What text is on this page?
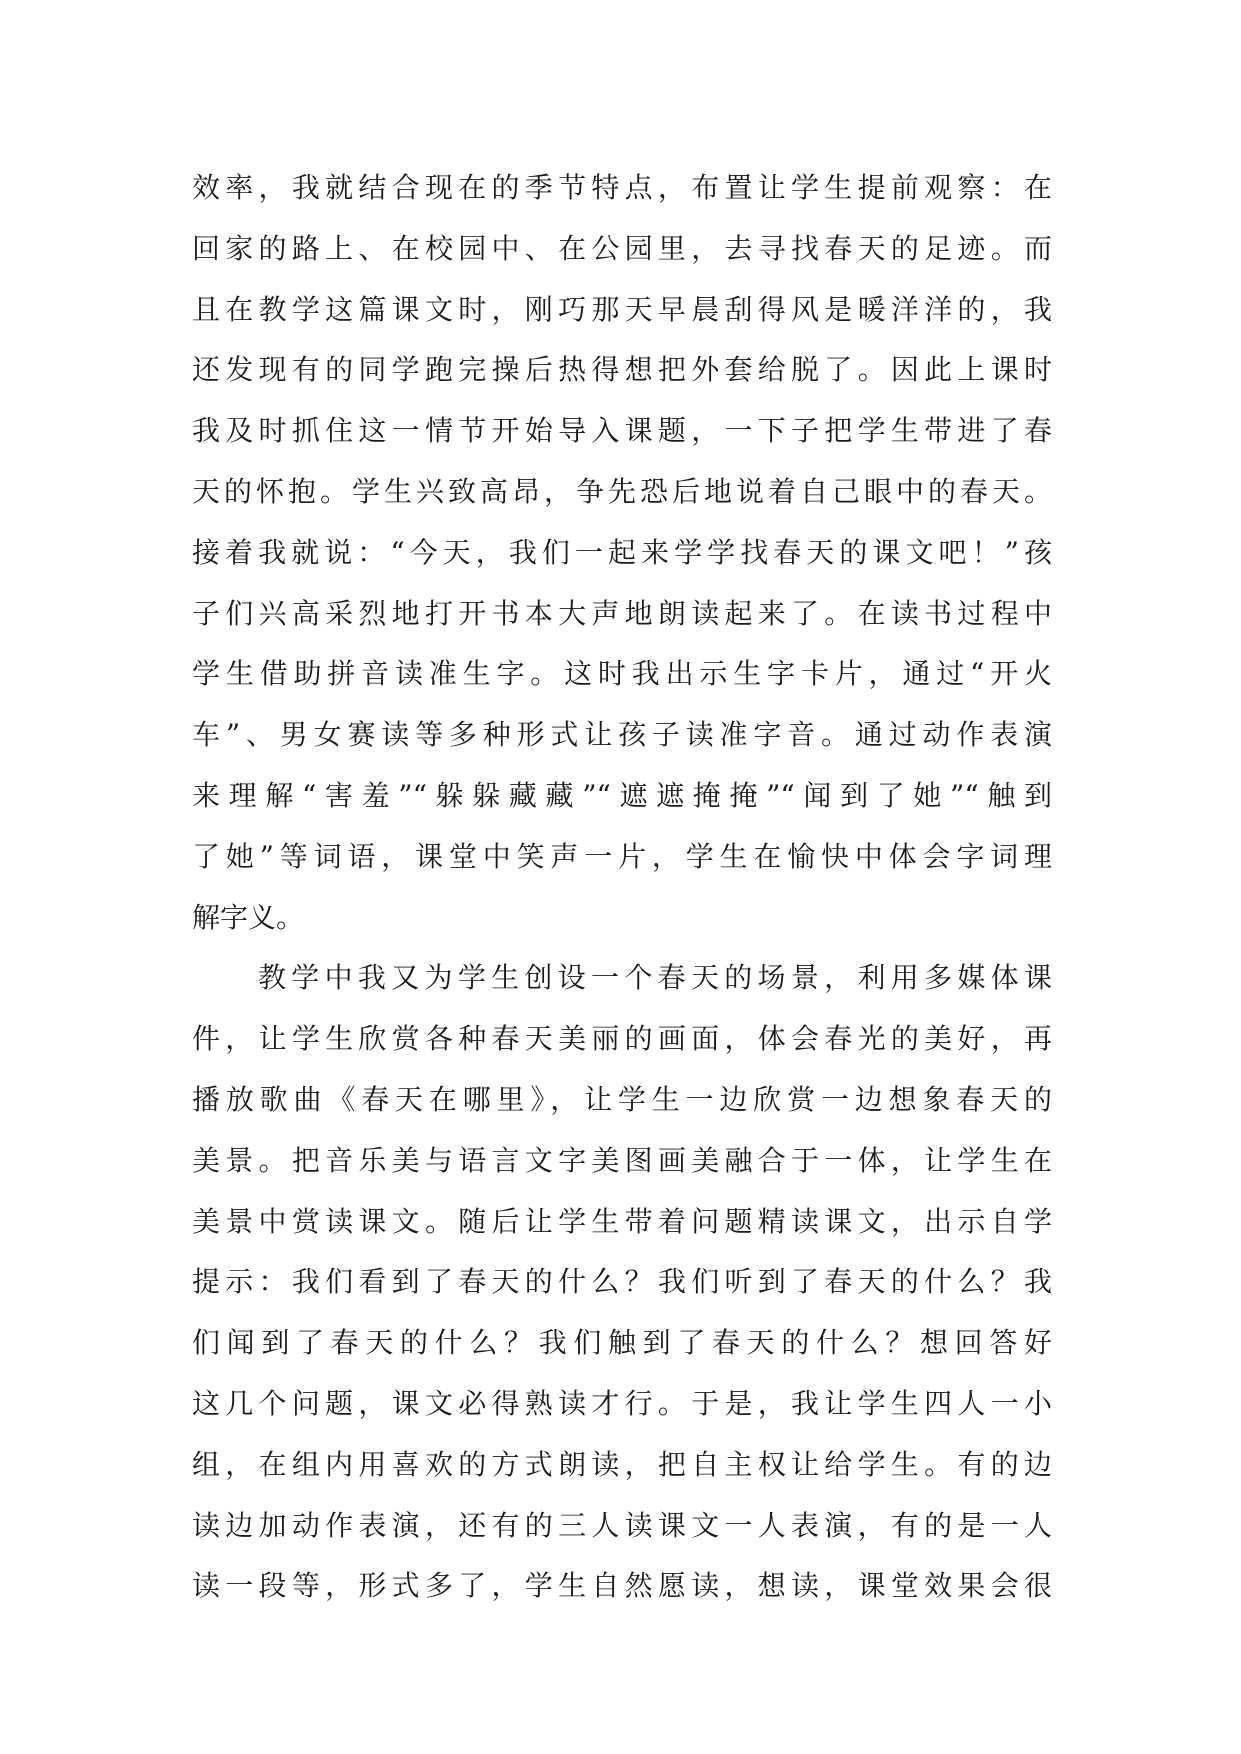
效率，我就结合现在的季节特点，布置让学生提前观察：在
回家的路上、在校园中、在公园里，去寻找春天的足迹。而
且在教学这篇课文时，刚巧那天早晨刮得风是暖洋洋的，我
还发现有的同学跑完操后热得想把外套给脱了。因此上课时
我及时抓住这一情节开始导入课题，一下子把学生带进了春
天的怀抱。学生兴致高昂，争先恐后地说着自己眼中的春天。
接着我就说：“今天，我们一起来学学找春天的课文吧！”孩
子们兴高采烈地打开书本大声地朗读起来了。在读书过程中
学生借助拼音读准生字。这时我出示生字卡片，通过“开火
车”、男女赛读等多种形式让孩子读准字音。通过动作表演
来理解“害羞”“躲躲藏藏”“遮遮掩掩”“闻到了她”“触到
了她”等词语，课堂中笑声一片，学生在愉快中体会字词理
解字义。
教学中我又为学生创设一个春天的场景，利用多媒体课
件，让学生欣赏各种春天美丽的画面，体会春光的美好，再
播放歌曲《春天在哪里》，让学生一边欣赏一边想象春天的
美景。把音乐美与语言文字美图画美融合于一体，让学生在
美景中赏读课文。随后让学生带着问题精读课文，出示自学
提示：我们看到了春天的什么？我们听到了春天的什么？我
们闻到了春天的什么？我们触到了春天的什么？想回答好
这几个问题，课文必得熟读才行。于是，我让学生四人一小
组，在组内用喜欢的方式朗读，把自主权让给学生。有的边
读边加动作表演，还有的三人读课文一人表演，有的是一人
读一段等，形式多了，学生自然愿读，想读，课堂效果会很
